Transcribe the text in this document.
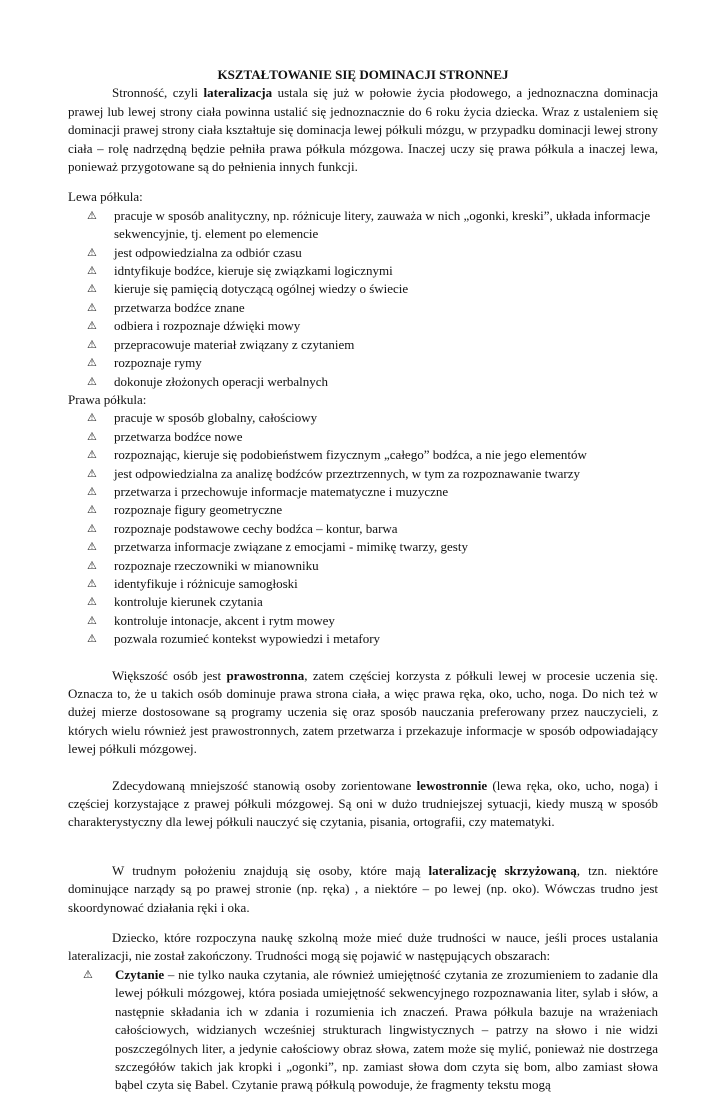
KSZTAŁTOWANIE SIĘ DOMINACJI STRONNEJ

Stronność, czyli lateralizacja ustala się już w połowie życia płodowego, a jednoznaczna dominacja prawej lub lewej strony ciała powinna ustalić się jednoznacznie do 6 roku życia dziecka. Wraz z ustaleniem się dominacji prawej strony ciała kształtuje się dominacja lewej półkuli mózgu, w przypadku dominacji lewej strony ciała – rolę nadrzędną będzie pełniła prawa półkula mózgowa. Inaczej uczy się prawa półkula a inaczej lewa, ponieważ przygotowane są do pełnienia innych funkcji.

Lewa półkula:

⚠ pracuje w sposób analityczny, np. różnicuje litery, zauważa w nich „ogonki, kreski”, układa informacje sekwencyjnie, tj. element po elemencie
⚠ jest odpowiedzialna za odbiór czasu
⚠ idntyfikuje bodźce, kieruje się związkami logicznymi
⚠ kieruje się pamięcią dotyczącą ogólnej wiedzy o świecie
⚠ przetwarza bodźce znane
⚠ odbiera i rozpoznaje dźwięki mowy
⚠ przepracowuje materiał związany z czytaniem
⚠ rozpoznaje rymy
⚠ dokonuje złożonych operacji werbalnych

Prawa półkula:

⚠ pracuje w sposób globalny, całościowy
⚠ przetwarza bodźce nowe
⚠ rozpoznając, kieruje się podobieństwem fizycznym „całego” bodźca, a nie jego elementów
⚠ jest odpowiedzialna za analizę bodźców przeztrzennych, w tym za rozpoznawanie twarzy
⚠ przetwarza i przechowuje informacje matematyczne i muzyczne
⚠ rozpoznaje figury geometryczne
⚠ rozpoznaje podstawowe cechy bodźca – kontur, barwa
⚠ przetwarza informacje związane z emocjami - mimikę twarzy, gesty
⚠ rozpoznaje rzeczowniki w mianowniku
⚠ identyfikuje i różnicuje samogłoski
⚠ kontroluje kierunek czytania
⚠ kontroluje intonacje, akcent i rytm mowey
⚠ pozwala rozumieć kontekst wypowiedzi i metafory

Większość osób jest prawostronna, zatem częściej korzysta z półkuli lewej w procesie uczenia się. Oznacza to, że u takich osób dominuje prawa strona ciała, a więc prawa ręka, oko, ucho, noga. Do nich też w dużej mierze dostosowane są programy uczenia się oraz sposób nauczania preferowany przez nauczycieli, z których wielu również jest prawostronnych, zatem przetwarza i przekazuje informacje w sposób odpowiadający lewej półkuli mózgowej.

Zdecydowaną mniejszość stanowią osoby zorientowane lewostronnie (lewa ręka, oko, ucho, noga) i częściej korzystające z prawej półkuli mózgowej. Są oni w dużo trudniejszej sytuacji, kiedy muszą w sposób charakterystyczny dla lewej półkuli nauczyć się czytania, pisania, ortografii, czy matematyki.

W trudnym położeniu znajdują się osoby, które mają lateralizację skrzyżowaną, tzn. niektóre dominujące narządy są po prawej stronie (np. ręka) , a niektóre – po lewej (np. oko). Wówczas trudno jest skoordynować działania ręki i oka.

Dziecko, które rozpoczyna naukę szkolną może mieć duże trudności w nauce, jeśli proces ustalania lateralizacji, nie został zakończony. Trudności mogą się pojawić w następujących obszarach:

⚠ Czytanie – nie tylko nauka czytania, ale również umiejętność czytania ze zrozumieniem to zadanie dla lewej półkuli mózgowej, która posiada umiejętność sekwencyjnego rozpoznawania liter, sylab i słów, a następnie składania ich w zdania i rozumienia ich znaczeń. Prawa półkula bazuje na wrażeniach całościowych, widzianych wcześniej strukturach lingwistycznych – patrzy na słowo i nie widzi poszczególnych liter, a jedynie całościowy obraz słowa, zatem może się mylić, ponieważ nie dostrzega szczegółów takich jak kropki i „ogonki”, np. zamiast słowa dom czyta się bom, albo zamiast słowa bąbel czyta się Babel. Czytanie prawą półkulą powoduje, że fragmenty tekstu mogą
